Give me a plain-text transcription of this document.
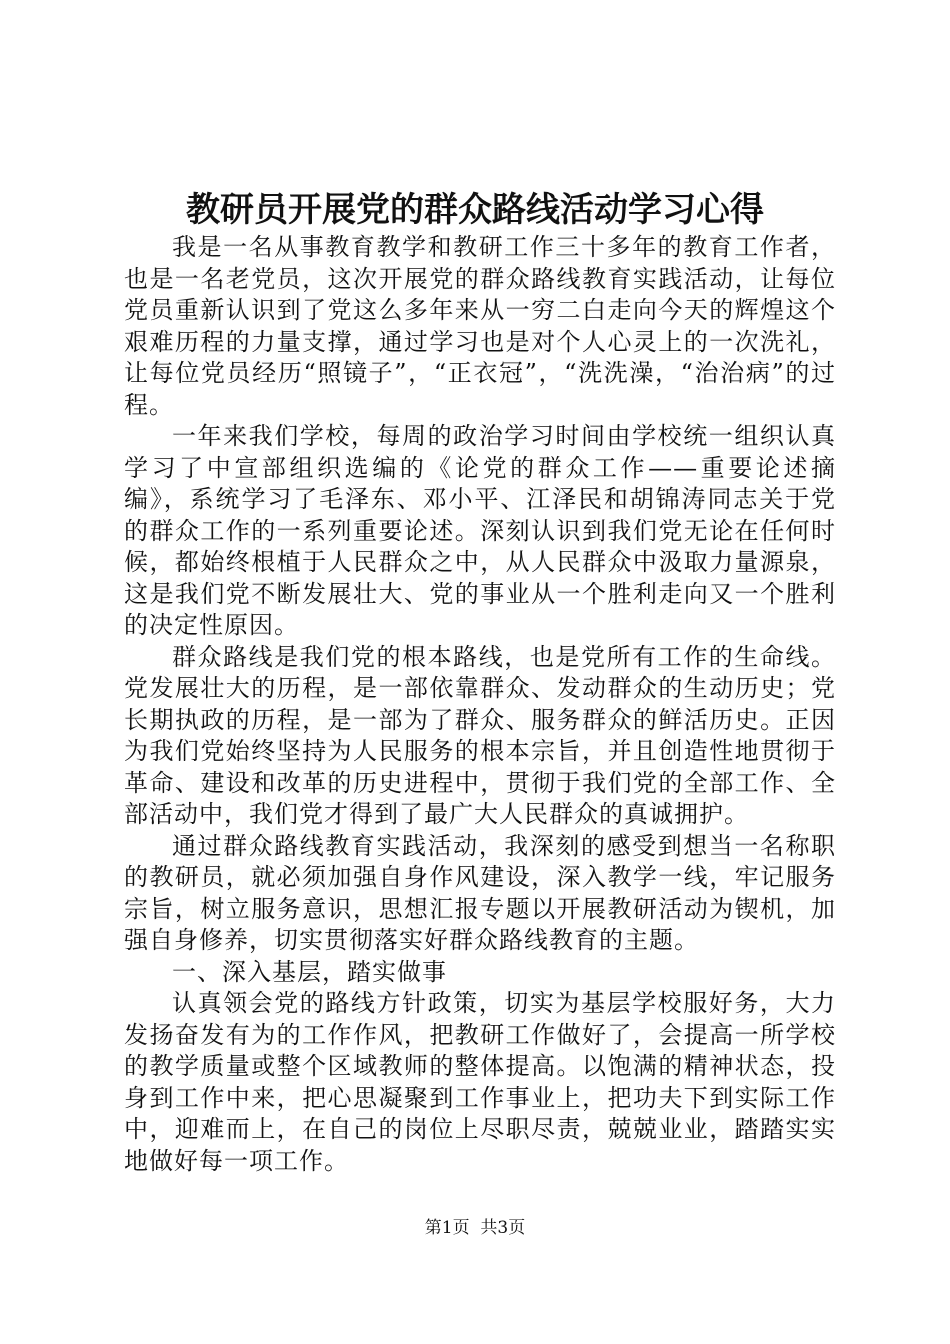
教研员开展党的群众路线活动学习心得

我是一名从事教育教学和教研工作三十多年的教育工作者，也是一名老党员，这次开展党的群众路线教育实践活动，让每位党员重新认识到了党这么多年来从一穷二白走向今天的辉煌这个艰难历程的力量支撑，通过学习也是对个人心灵上的一次洗礼，让每位党员经历“照镜子”，“正衣冠”，“洗洗澡，“治治病”的过程。

一年来我们学校，每周的政治学习时间由学校统一组织认真学习了中宣部组织选编的《论党的群众工作——重要论述摘编》，系统学习了毛泽东、邓小平、江泽民和胡锦涛同志关于党的群众工作的一系列重要论述。深刻认识到我们党无论在任何时候，都始终根植于人民群众之中，从人民群众中汲取力量源泉，这是我们党不断发展壮大、党的事业从一个胜利走向又一个胜利的决定性原因。

群众路线是我们党的根本路线，也是党所有工作的生命线。党发展壮大的历程，是一部依靠群众、发动群众的生动历史；党长期执政的历程，是一部为了群众、服务群众的鲜活历史。正因为我们党始终坚持为人民服务的根本宗旨，并且创造性地贯彻于革命、建设和改革的历史进程中，贯彻于我们党的全部工作、全部活动中，我们党才得到了最广大人民群众的真诚拥护。

通过群众路线教育实践活动，我深刻的感受到想当一名称职的教研员，就必须加强自身作风建设，深入教学一线，牢记服务宗旨，树立服务意识，思想汇报专题以开展教研活动为锲机，加强自身修养，切实贯彻落实好群众路线教育的主题。

一、深入基层，踏实做事

认真领会党的路线方针政策，切实为基层学校服好务，大力发扬奋发有为的工作作风，把教研工作做好了，会提高一所学校的教学质量或整个区域教师的整体提高。以饱满的精神状态，投身到工作中来，把心思凝聚到工作事业上，把功夫下到实际工作中，迎难而上，在自己的岗位上尽职尽责，兢兢业业，踏踏实实地做好每一项工作。

第1页 共3页
